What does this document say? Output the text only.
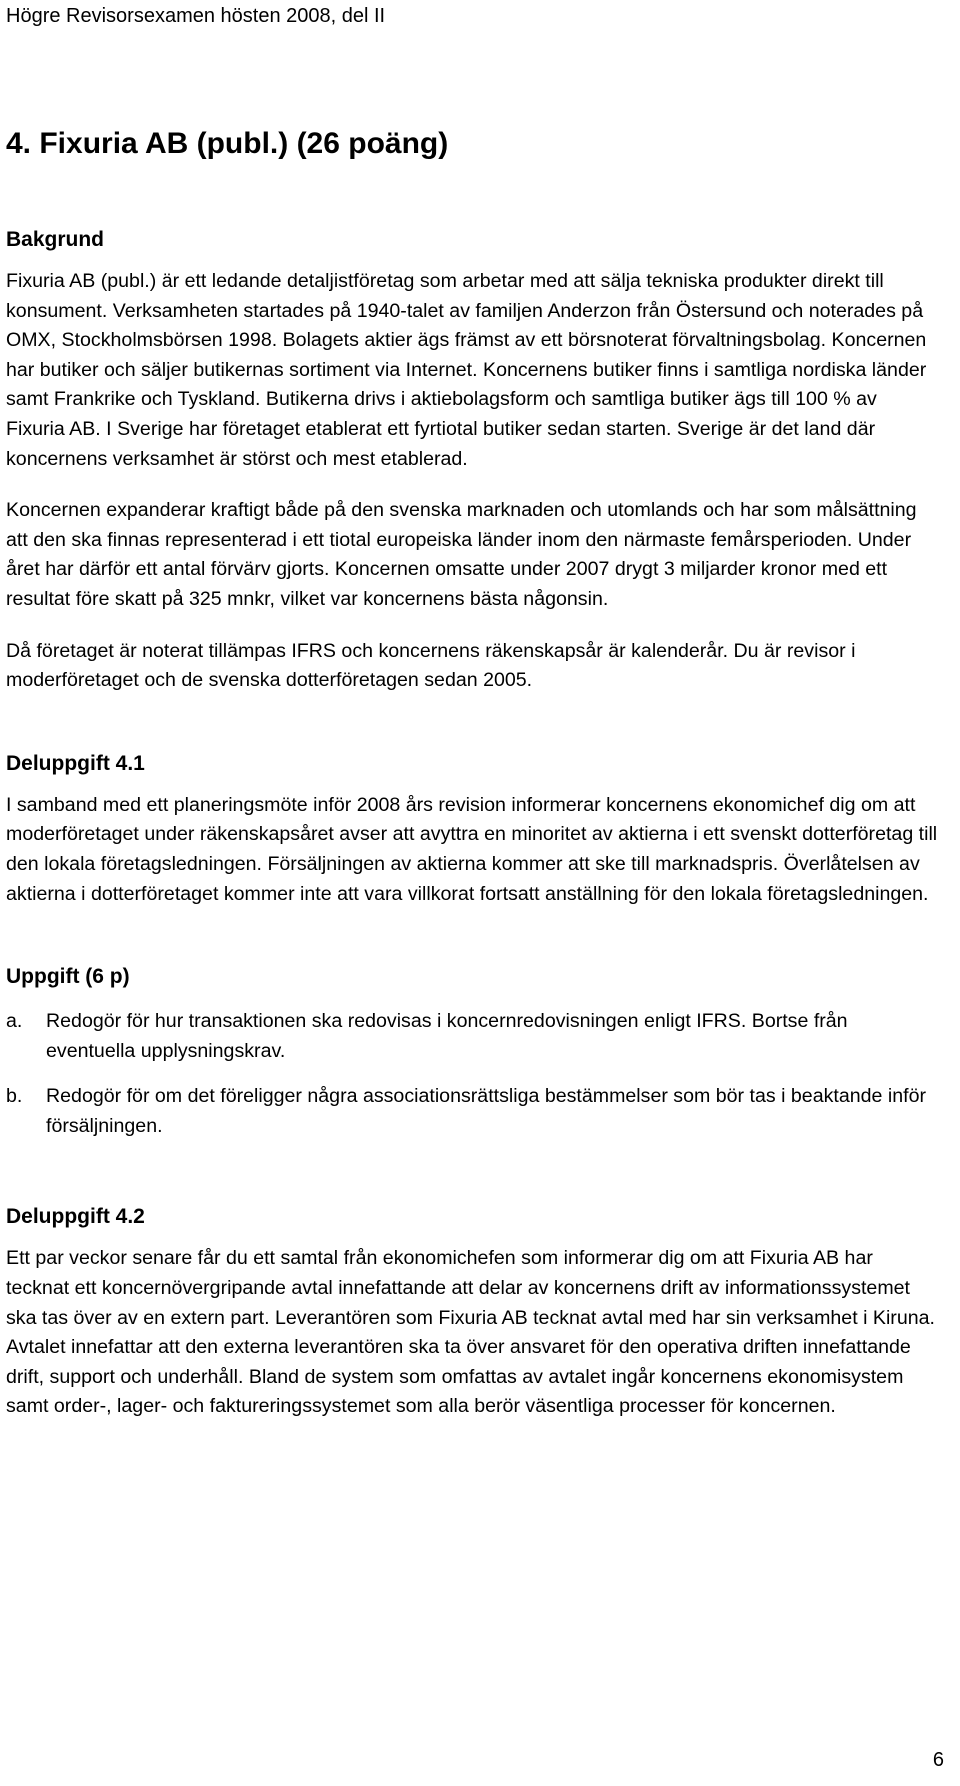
Högre Revisorsexamen hösten 2008, del II
4. Fixuria AB (publ.) (26 poäng)
Bakgrund

Fixuria AB (publ.) är ett ledande detaljistföretag som arbetar med att sälja tekniska produkter direkt till konsument. Verksamheten startades på 1940-talet av familjen Anderzon från Östersund och noterades på OMX, Stockholmsbörsen 1998. Bolagets aktier ägs främst av ett börsnoterat förvaltningsbolag. Koncernen har butiker och säljer butikernas sortiment via Internet. Koncernens butiker finns i samtliga nordiska länder samt Frankrike och Tyskland. Butikerna drivs i aktiebolagsform och samtliga butiker ägs till 100 % av Fixuria AB. I Sverige har företaget etablerat ett fyrtiotal butiker sedan starten. Sverige är det land där koncernens verksamhet är störst och mest etablerad.

Koncernen expanderar kraftigt både på den svenska marknaden och utomlands och har som målsättning att den ska finnas representerad i ett tiotal europeiska länder inom den närmaste femårsperioden. Under året har därför ett antal förvärv gjorts. Koncernen omsatte under 2007 drygt 3 miljarder kronor med ett resultat före skatt på 325 mnkr, vilket var koncernens bästa någonsin.

Då företaget är noterat tillämpas IFRS och koncernens räkenskapsår är kalenderår. Du är revisor i moderföretaget och de svenska dotterföretagen sedan 2005.

Deluppgift 4.1

I samband med ett planeringsmöte inför 2008 års revision informerar koncernens ekonomichef dig om att moderföretaget under räkenskapsåret avser att avyttra en minoritet av aktierna i ett svenskt dotterföretag till den lokala företagsledningen. Försäljningen av aktierna kommer att ske till marknadspris. Överlåtelsen av aktierna i dotterföretaget kommer inte att vara villkorat fortsatt anställning för den lokala företagsledningen.

Uppgift (6 p)
a.	Redogör för hur transaktionen ska redovisas i koncernredovisningen enligt IFRS. Bortse från eventuella upplysningskrav.
b.	Redogör för om det föreligger några associationsrättsliga bestämmelser som bör tas i beaktande inför försäljningen.
Deluppgift 4.2

Ett par veckor senare får du ett samtal från ekonomichefen som informerar dig om att Fixuria AB har tecknat ett koncernövergripande avtal innefattande att delar av koncernens drift av informationssystemet ska tas över av en extern part. Leverantören som Fixuria AB tecknat avtal med har sin verksamhet i Kiruna. Avtalet innefattar att den externa leverantören ska ta över ansvaret för den operativa driften innefattande drift, support och underhåll. Bland de system som omfattas av avtalet ingår koncernens ekonomisystem samt order-, lager- och faktureringssystemet som alla berör väsentliga processer för koncernen.

6
